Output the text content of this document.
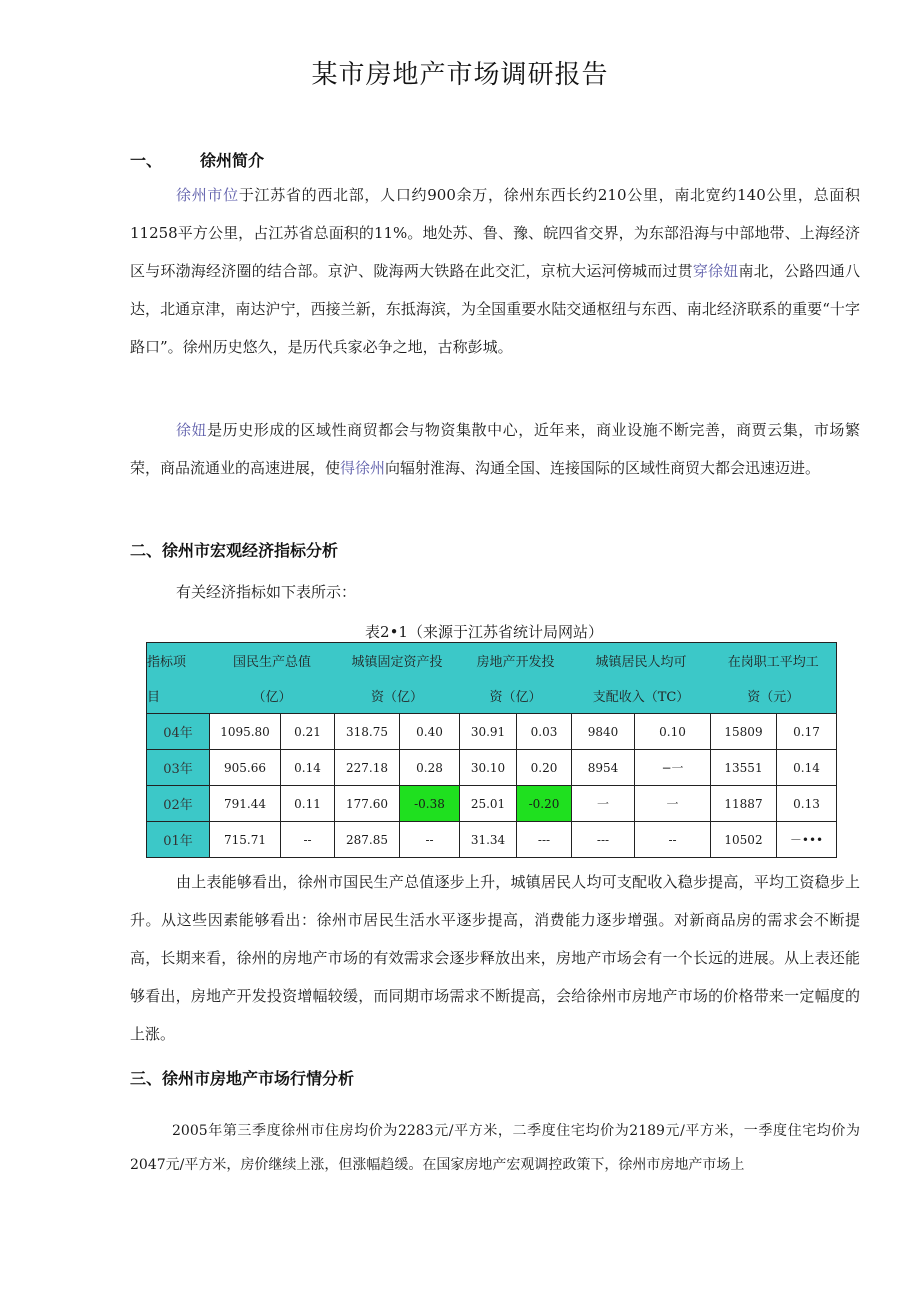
某市房地产市场调研报告
一、 徐州简介

徐州市位于江苏省的西北部，人口约900余万，徐州东西长约210公里，南北宽约140公里，总面积11258平方公里，占江苏省总面积的11%。地处苏、鲁、豫、皖四省交界，为东部沿海与中部地带、上海经济区与环渤海经济圈的结合部。京沪、陇海两大铁路在此交汇，京杭大运河傍城而过贯穿徐妞南北，公路四通八达，北通京津，南达沪宁，西接兰新，东抵海滨，为全国重要水陆交通枢纽与东西、南北经济联系的重要“十字路口”。徐州历史悠久，是历代兵家必争之地，古称彭城。

徐妞是历史形成的区域性商贸都会与物资集散中心，近年来，商业设施不断完善，商贾云集，市场繁荣，商品流通业的高速进展，使得徐州向辐射淮海、沟通全国、连接国际的区域性商贸大都会迅速迈进。

二、徐州市宏观经济指标分析

有关经济指标如下表所示：

表2•1（来源于江苏省统计局网站）
指标项	国民生产总值		城镇固定资产投		房地产开发投		城镇居民人均可		在岗职工平均工	
目	（亿）		资（亿）		资（亿）		支配收入（TC）		资（元）	
04年	1095.80	0.21	318.75	0.40	30.91	0.03	9840	0.10	15809	0.17
03年	905.66	0.14	227.18	0.28	30.10	0.20	8954	−一	13551	0.14
02年	791.44	0.11	177.60	-0.38	25.01	-0.20	一	一	11887	0.13
01年	715.71	--	287.85	--	31.34	---	---	--	10502	－•••

由上表能够看出，徐州市国民生产总值逐步上升，城镇居民人均可支配收入稳步提高，平均工资稳步上升。从这些因素能够看出：徐州市居民生活水平逐步提高，消费能力逐步增强。对新商品房的需求会不断提高，长期来看，徐州的房地产市场的有效需求会逐步释放出来，房地产市场会有一个长远的进展。从上表还能够看出，房地产开发投资增幅较缓，而同期市场需求不断提高，会给徐州市房地产市场的价格带来一定幅度的上涨。

三、徐州市房地产市场行情分析

2005年第三季度徐州市住房均价为2283元/平方米，二季度住宅均价为2189元/平方米，一季度住宅均价为2047元/平方米，房价继续上涨，但涨幅趋缓。在国家房地产宏观调控政策下，徐州市房地产市场上
